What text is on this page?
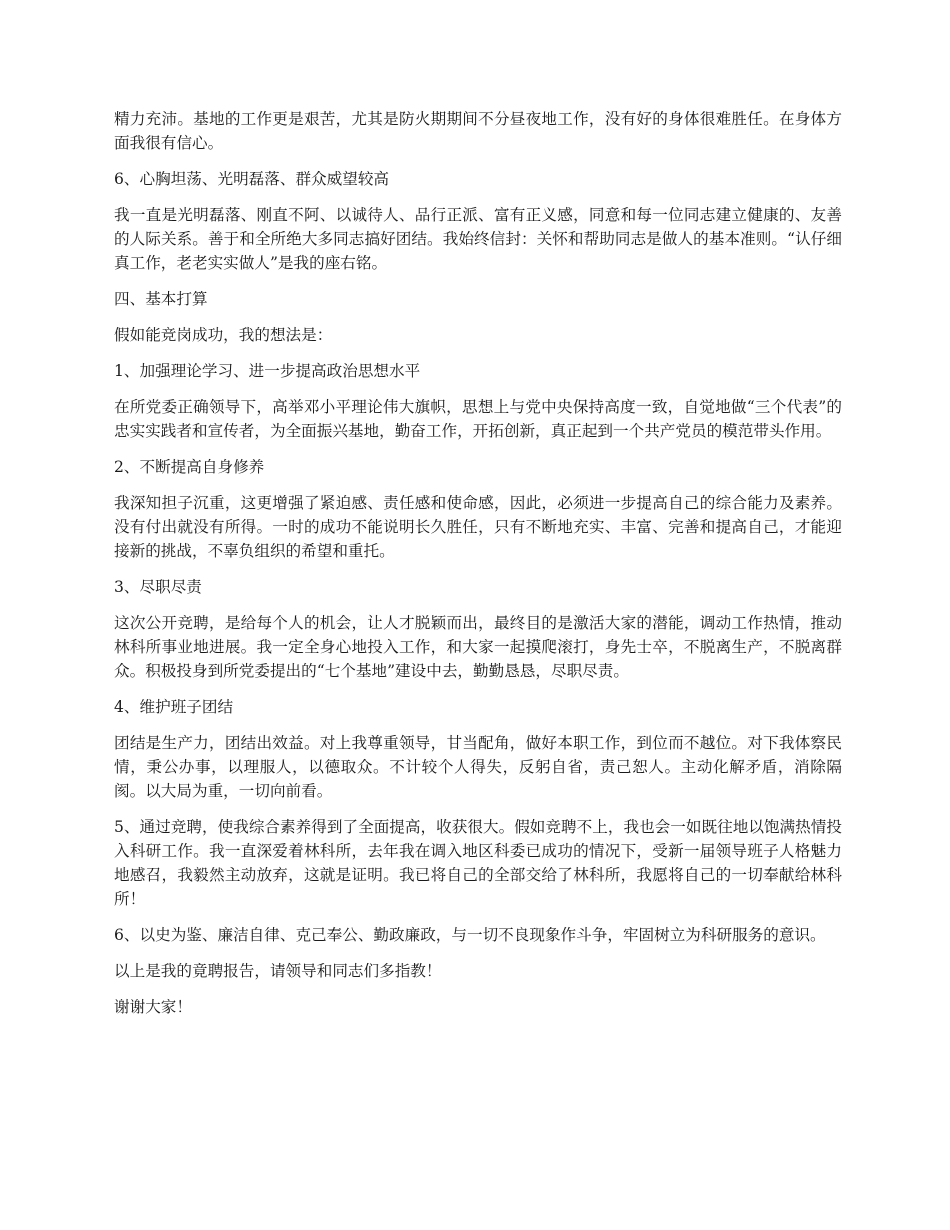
精力充沛。基地的工作更是艰苦，尤其是防火期期间不分昼夜地工作，没有好的身体很难胜任。在身体方面我很有信心。

6、心胸坦荡、光明磊落、群众威望较高

我一直是光明磊落、刚直不阿、以诚待人、品行正派、富有正义感，同意和每一位同志建立健康的、友善的人际关系。善于和全所绝大多同志搞好团结。我始终信封：关怀和帮助同志是做人的基本准则。“认仔细真工作，老老实实做人”是我的座右铭。

四、基本打算

假如能竞岗成功，我的想法是：

1、加强理论学习、进一步提高政治思想水平

在所党委正确领导下，高举邓小平理论伟大旗帜，思想上与党中央保持高度一致，自觉地做“三个代表”的忠实实践者和宣传者，为全面振兴基地，勤奋工作，开拓创新，真正起到一个共产党员的模范带头作用。

2、不断提高自身修养

我深知担子沉重，这更增强了紧迫感、责任感和使命感，因此，必须进一步提高自己的综合能力及素养。没有付出就没有所得。一时的成功不能说明长久胜任，只有不断地充实、丰富、完善和提高自己，才能迎接新的挑战，不辜负组织的希望和重托。

3、尽职尽责

这次公开竞聘，是给每个人的机会，让人才脱颖而出，最终目的是激活大家的潜能，调动工作热情，推动林科所事业地进展。我一定全身心地投入工作，和大家一起摸爬滚打，身先士卒，不脱离生产，不脱离群众。积极投身到所党委提出的“七个基地”建设中去，勤勤恳恳，尽职尽责。

4、维护班子团结

团结是生产力，团结出效益。对上我尊重领导，甘当配角，做好本职工作，到位而不越位。对下我体察民情，秉公办事，以理服人，以德取众。不计较个人得失，反躬自省，责己恕人。主动化解矛盾，消除隔阂。以大局为重，一切向前看。

5、通过竞聘，使我综合素养得到了全面提高，收获很大。假如竞聘不上，我也会一如既往地以饱满热情投入科研工作。我一直深爱着林科所，去年我在调入地区科委已成功的情况下，受新一届领导班子人格魅力地感召，我毅然主动放弃，这就是证明。我已将自己的全部交给了林科所，我愿将自己的一切奉献给林科所！

6、以史为鉴、廉洁自律、克己奉公、勤政廉政，与一切不良现象作斗争，牢固树立为科研服务的意识。

以上是我的竟聘报告，请领导和同志们多指教！

谢谢大家！
